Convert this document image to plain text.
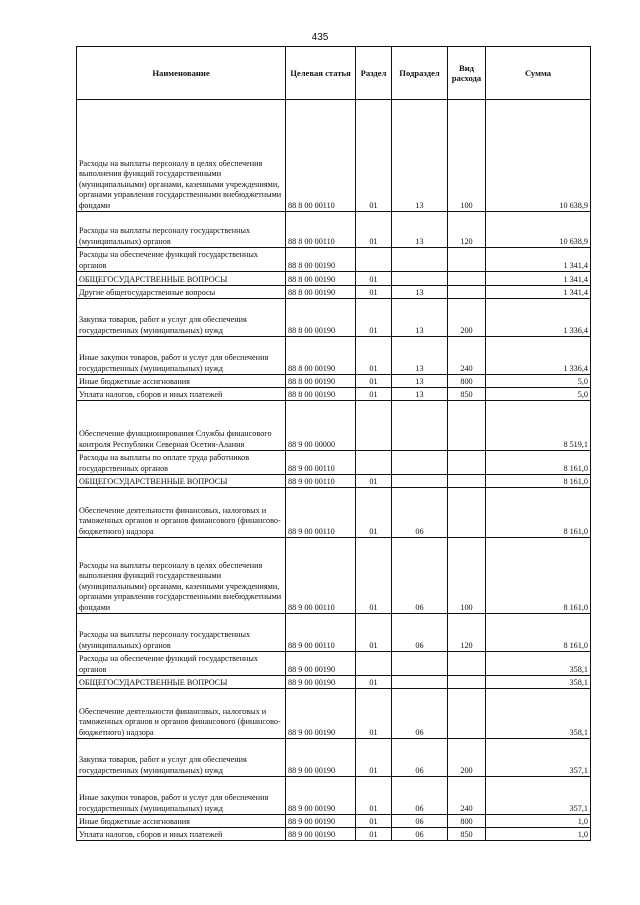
435
Наименование	Целевая статья	Раздел	Подраздел	Вид расхода	Сумма
Расходы на выплаты персоналу в целях обеспечения выполнения функций государственными (муниципальными) органами, казенными учреждениями, органами управления государственными внебюджетными фондами	88 8 00 00110	01	13	100	10 638,9
Расходы на выплаты персоналу государственных (муниципальных) органов	88 8 00 00110	01	13	120	10 638,9
Расходы на обеспечение функций государственных органов	88 8 00 00190				1 341,4
ОБЩЕГОСУДАРСТВЕННЫЕ ВОПРОСЫ	88 8 00 00190	01			1 341,4
Другие общегосударственные вопросы	88 8 00 00190	01	13		1 341,4
Закупка товаров, работ и услуг для обеспечения государственных (муниципальных) нужд	88 8 00 00190	01	13	200	1 336,4
Иные закупки товаров, работ и услуг для обеспечения государственных (муниципальных) нужд	88 8 00 00190	01	13	240	1 336,4
Иные бюджетные ассигнования	88 8 00 00190	01	13	800	5,0
Уплата налогов, сборов и иных платежей	88 8 00 00190	01	13	850	5,0
Обеспечение функционирования Службы финансового контроля Республики Северная Осетия-Алания	88 9 00 00000				8 519,1
Расходы на выплаты по оплате труда работников государственных органов	88 9 00 00110				8 161,0
ОБЩЕГОСУДАРСТВЕННЫЕ ВОПРОСЫ	88 9 00 00110	01			8 161,0
Обеспечение деятельности финансовых, налоговых и таможенных органов и органов финансового (финансово-бюджетного) надзора	88 9 00 00110	01	06		8 161,0
Расходы на выплаты персоналу в целях обеспечения выполнения функций государственными (муниципальными) органами, казенными учреждениями, органами управления государственными внебюджетными фондами	88 9 00 00110	01	06	100	8 161,0
Расходы на выплаты персоналу государственных (муниципальных) органов	88 9 00 00110	01	06	120	8 161,0
Расходы на обеспечение функций государственных органов	88 9 00 00190				358,1
ОБЩЕГОСУДАРСТВЕННЫЕ ВОПРОСЫ	88 9 00 00190	01			358,1
Обеспечение деятельности финансовых, налоговых и таможенных органов и органов финансового (финансово-бюджетного) надзора	88 9 00 00190	01	06		358,1
Закупка товаров, работ и услуг для обеспечения государственных (муниципальных) нужд	88 9 00 00190	01	06	200	357,1
Иные закупки товаров, работ и услуг для обеспечения государственных (муниципальных) нужд	88 9 00 00190	01	06	240	357,1
Иные бюджетные ассигнования	88 9 00 00190	01	06	800	1,0
Уплата налогов, сборов и иных платежей	88 9 00 00190	01	06	850	1,0
